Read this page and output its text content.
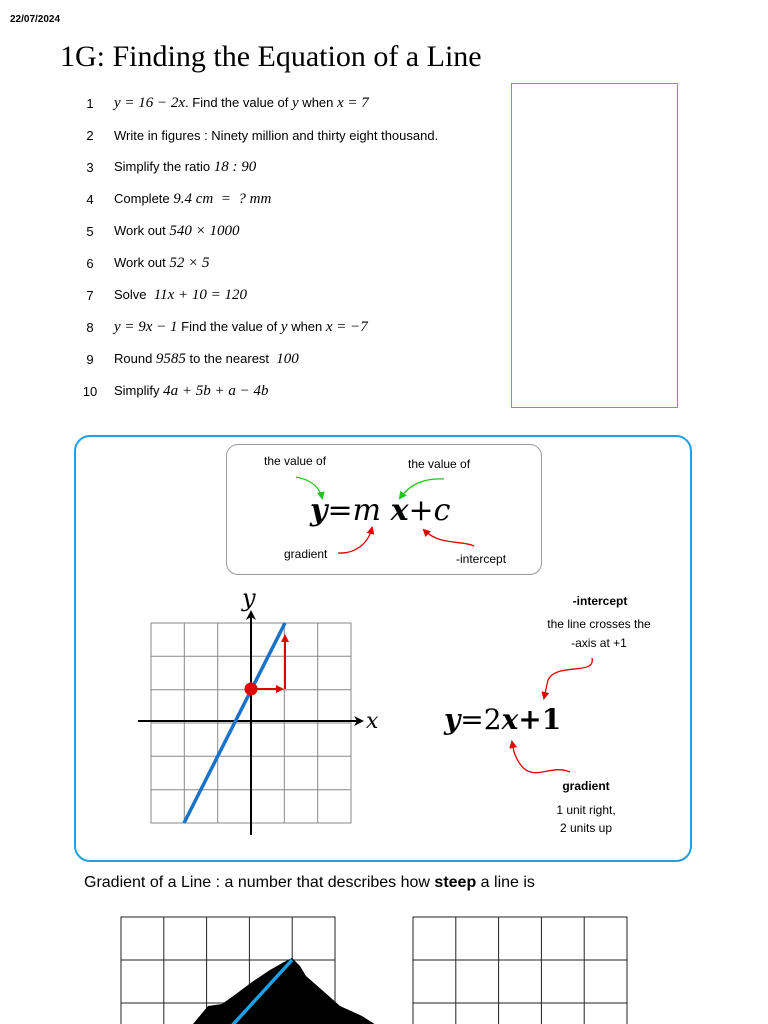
22/07/2024
1G: Finding the Equation of a Line
1	y = 16 − 2x. Find the value of y when x = 7
2	Write in figures : Ninety million and thirty eight thousand.
3	Simplify the ratio 18 : 90
4	Complete 9.4 cm  =  ? mm
5	Work out 540 × 1000
6	Work out 52 × 5
7	Solve  11x + 10 = 120
8	y = 9x − 1 Find the value of y when x = −7
9	Round 9585 to the nearest  100
10 Simplify 4a + 5b + a − 4b
the value of	the value of
gradient	-intercept
y=m x+c
-intercept
the line crosses the
-axis at +1
y=2x+1
gradient
1 unit right,
2 units up
Gradient of a Line : a number that describes how steep a line is
y
x
